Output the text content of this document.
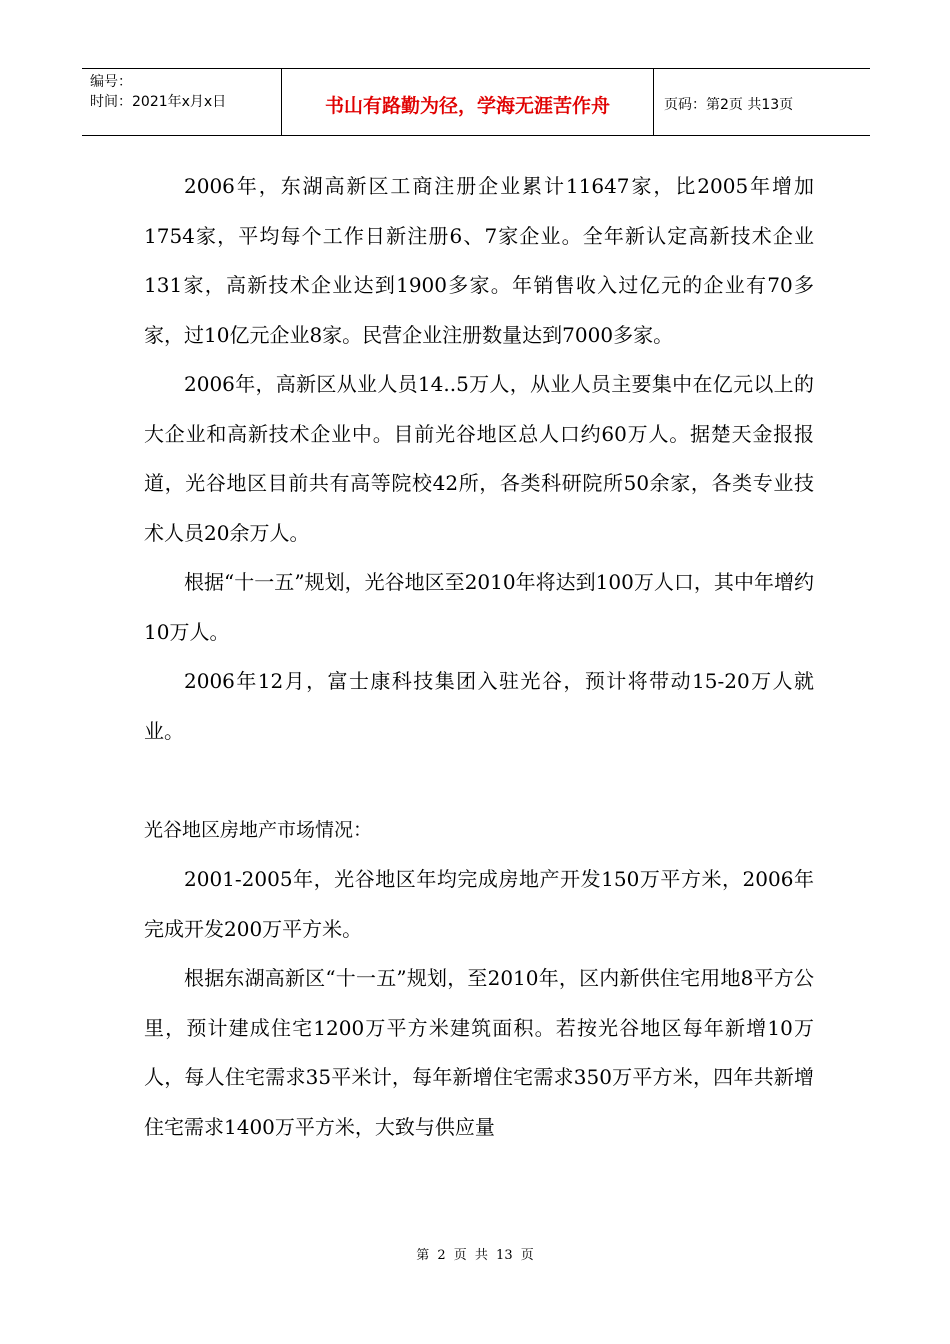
编号：
时间：2021年x月x日	书山有路勤为径，学海无涯苦作舟	页码：第2页 共13页

2006年，东湖高新区工商注册企业累计11647家，比2005年增加1754家，平均每个工作日新注册6、7家企业。全年新认定高新技术企业131家，高新技术企业达到1900多家。年销售收入过亿元的企业有70多家，过10亿元企业8家。民营企业注册数量达到7000多家。

2006年，高新区从业人员14..5万人，从业人员主要集中在亿元以上的大企业和高新技术企业中。目前光谷地区总人口约60万人。据楚天金报报道，光谷地区目前共有高等院校42所，各类科研院所50余家，各类专业技术人员20余万人。

根据“十一五”规划，光谷地区至2010年将达到100万人口，其中年增约10万人。

2006年12月，富士康科技集团入驻光谷，预计将带动15-20万人就业。

光谷地区房地产市场情况：

2001-2005年，光谷地区年均完成房地产开发150万平方米，2006年完成开发200万平方米。

根据东湖高新区“十一五”规划，至2010年，区内新供住宅用地8平方公里，预计建成住宅1200万平方米建筑面积。若按光谷地区每年新增10万人，每人住宅需求35平米计，每年新增住宅需求350万平方米，四年共新增住宅需求1400万平方米，大致与供应量

第 2 页 共 13 页
